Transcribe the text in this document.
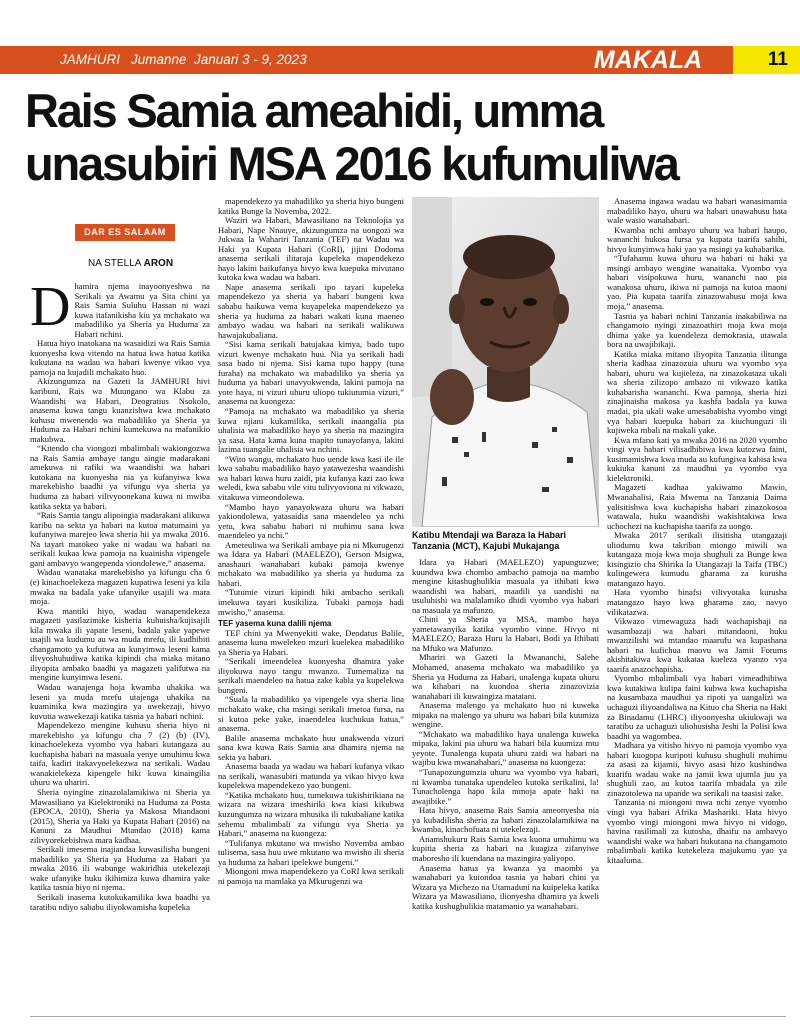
JAMHURI Jumanne Januari 3 - 9, 2023	MAKALA	11
Rais Samia ameahidi, umma
unasubiri MSA 2016 kufumuliwa
DAR ES SALAAM
NA STELLA ARON
D hamira njema inayoonyeshwa na Serikali ya Awamu ya Sita chini ya Rais Samia Suluhu Hassan ni wazi kuwa itafanikisha kiu ya mchakato wa mabadiliko ya Sheria ya Huduma za Habari nchini.

Hatua hiyo inatokana na wasaidizi wa Rais Samia kuonyesha kwa vitendo na hatua kwa hatua katika kukutana na wadau wa habari kwenye vikao vya pamoja na kujadili mchakato huo.

Akizungumza na Gazeti la JAMHURI hivi karibuni, Rais wa Muungano wa Klabu za Waandishi wa Habari, Deogratius Nsokolo, anasema kuwa tangu kuanzishwa kwa mchakato kuhusu mwenendo wa mabadiliko ya Sheria ya Huduma za Habari nchini kumekuwa na mafanikio makubwa.

“Kitendo cha viongozi mbalimbali wakiongozwa na Rais Samia ambaye tangu aingie madarakani amekuwa ni rafiki wa waandishi wa habari kutokana na kuonyesha nia ya kufanyiwa kwa marekebisho baadhi ya vifungu vya sheria ya huduma za habari vilivyoonekana kuwa ni mwiba katika sekta ya habari.

“Rais Samia tangu alipoingia madarakani alikuwa karibu na sekta ya habari na kutoa matumaini ya kufanyiwa marejeo kwa sheria hii ya mwaka 2016. Na tayari matokeo yake ni wadau wa habari na serikali kukaa kwa pamoja na kuainisha vipengele gani ambavyo wangependa viondolewe,” anasema.

Wadau wanataka marekebisho ya kifungu cha 6 (e) kinachoelekeza magazeti kupatiwa leseni ya kila mwaka na badala yake ufanyike usajili wa mara moja.

Kwa mantiki hiyo, wadau wanapendekeza magazeti yasilazimike kisheria kuhuisha/kujisajili kila mwaka ili yapate leseni, badala yake yapewe usajili wa kudumu au wa muda mrefu, ili kudhibiti changamoto ya kufutwa au kunyimwa leseni kama ilivyoshuhudiwa katika kipindi cha miaka mitano iliyopita ambako baadhi ya magazeti yalifutwa na mengine kunyimwa leseni.

Wadau wanajenga hoja kwamba uhakika wa leseni ya muda mrefu utajenga uhakika na kuaminika kwa mazingira ya uwekezaji, hivyo kuvutia wawekezaji katika tasnia ya habari nchini.

Mapendekezo mengine kuhusu sheria hiyo ni marekebisho ya kifungu cha 7 (2) (b) (IV), kinachoelekeza vyombo vya habari kutangaza au kuchapisha habari na masuala yenye umuhimu kwa taifa, kadiri itakavyoelekezwa na serikali. Wadau wanakielekeza kipengele hiki kuwa kinaingilia uhuru wa uhariri.

Sheria nyingine zinazolalamikiwa ni Sheria ya Mawasiliano ya Kielektroniki na Huduma za Posta (EPOCA, 2010), Sheria ya Makosa Mtandaoni (2015), Sheria ya Haki ya Kupata Habari (2016) na Kanuni za Maudhui Mtandao (2018) kama zilivyorekebishwa mara kadhaa.

Serikali imesema inajiandaa kuwasilisha bungeni mabadiliko ya Sheria ya Huduma za Habari ya mwaka 2016 ili wabunge wakiridhia utekelezaji wake ufanyike huku ikihimiza kuwa dhamira yake katika tasnia hiyo ni njema.

Serikali inasema kutokukamilika kwa baadhi ya taratibu ndiyo sababu iliyokwamisha kupeleka

mapendekezo ya mabadiliko ya sheria hiyo bungeni katika Bunge la Novemba, 2022.

Waziri wa Habari, Mawasiliano na Teknolojia ya Habari, Nape Nnauye, akizungumza na uongozi wa Jukwaa la Wahariri Tanzania (TEF) na Wadau wa Haki ya Kupata Habari (CoRI), jijini Dodoma anasema serikali ilitaraja kupeleka mapendekezo hayo lakini haikufanya hivyo kwa kuepuka mivutano kutoka kwa wadau wa habari.

Nape anasema serikali ipo tayari kupeleka mapendekezo ya sheria ya habari bungeni kwa sababu haikuwa vema kuyapeleka mapendekezo ya sheria ya huduma za habari wakati kuna maeneo ambayo wadau wa habari na serikali walikuwa hawajakubaliana.

“Sisi kama serikali hatujakaa kimya, bado tupo vizuri kwenye mchakato huu. Nia ya serikali hadi sasa bado ni njema. Sisi kama tupo happy (tuna furaha) na mchakato wa mabadiliko ya sheria ya huduma ya habari unavyokwenda, lakini pamoja na yote haya, ni vizuri uhuru uliopo tukiutumia vizuri,” anasema na kuongeza:

“Pamoja na mchakato wa mabadiliko ya sheria kuwa njiani kukamilika, serikali inaangalia pia uhalisia wa mabadiliko hayo ya sheria na mazingira ya sasa. Hata kama kuna mapito tunayofanya, lakini lazima tuangalie uhalisia wa nchini.

“Wito wangu, mchakato huo uende kwa kasi ile ile kwa sababu mabadiliko hayo yatawezesha waandishi wa habari kuwa huru zaidi, pia kufanya kazi zao kwa weledi, kwa sababu vile vitu tulivyoviona ni vikwazo, vitakuwa vimeondolewa.

“Mambo hayo yanayokwaza uhuru wa habari yakiondolewa, yatasaidia sana maendeleo ya nchi yetu, kwa sababu habari ni muhimu sana kwa maendeleo ya nchi.”

Ameteuliwa wa Serikali ambaye pia ni Mkurugenzi wa Idara ya Habari (MAELEZO), Gerson Msigwa, anashauri wanahabari kubaki pamoja kwenye mchakato wa mabadiliko ya sheria ya huduma za habari.

“Tutumie vizuri kipindi hiki ambacho serikali imekuwa tayari kusikiliza. Tubaki pamoja hadi mwisho,” anasema.

TEF yasema kuna dalili njema

TEF chini ya Mwenyekiti wake, Deodatus Balile, anasema kuna mwelekeo mzuri kuelekea mabadiliko ya Sheria ya Habari.

“Serikali imeendelea kuonyesha dhamira yake iliyokuwa nayo tangu mwanzo. Tumemaliza na serikali maendeleo na hatua zake kabla ya kupelekwa bungeni.

“Suala la mabadiliko ya vipengele vya sheria lina mchakato wake, cha msingi serikali imetoa fursa, na si kutoa peke yake, inaendelea kuchukua hatua,” anasema.

Balile anasema mchakato huu unakwenda vizuri sana kwa kuwa Rais Samia ana dhamira njema na sekta ya habari.

Anasema baada ya wadau wa habari kufanya vikao na serikali, wanasubiri matunda ya vikao hivyo kwa kupelekwa mapendekezo yao bungeni.

“Katika mchakato huu, tumekuwa tukishirikiana na wizara na wizara imeshiriki kwa kiasi kikubwa kuzungumza na wizara mhusika ili tukubaliane katika sehemu mbalimbali za vifungu vya Sheria ya Habari,” anasema na kuongeza:

“Tulifanya mkutano wa mwisho Novemba ambao tulisema, sasa huu uwe mkutano wa mwisho ili sheria ya huduma za habari ipelekwe bungeni.”

Miongoni mwa mapendekezo ya CoRI kwa serikali ni pamoja na mamlaka ya Mkurugenzi wa

Katibu Mtendaji wa Baraza la Habari Tanzania (MCT), Kajubi Mukajanga

Idara ya Habari (MAELEZO) yapunguzwe; kuundwa kwa chombo ambacho pamoja na mambo mengine kitashughulikia masuala ya ithibati kwa waandishi wa habari, maadili ya uandishi na usuluhishi wa malalamiko dhidi vyombo vya habari na masuala ya mafunzo.

Chini ya Sheria ya MSA, mambo haya yametawanyika katika vyombo vinne. Hivyo ni MAELEZO, Baraza Huru la Habari, Bodi ya Ithibati na Mfuko wa Mafunzo.

Mhariri wa Gazeti la Mwananchi, Salehe Mohamed, anasema mchakato wa mabadiliko ya Sheria ya Huduma za Habari, unalenga kupata uhuru wa kihabari na kuondoa sheria zinazovizia wanahabari ili kuwaingiza matatani.

Anasema malengo ya mchakato huo ni kuweka mipaka na malengo ya uhuru wa habari bila kuumiza wengine.

“Mchakato wa mabadiliko haya unalenga kuweka mipaka, lakini pia uhuru wa habari bila kuumiza mtu yeyote. Tunalenga kupata uhuru zaidi wa habari na wajibu kwa mwanahabari,” anasema na kuongeza:

“Tunapozungumzia uhuru wa vyombo vya habari, ni kwamba tunataka upendeleo kutoka serikalini, la! Tunacholenga hapo kila mmoja apate haki na awajibike.”

Hata hivyo, anasema Rais Samia ameonyesha nia ya kubadilisha sheria za habari zinazolalamikiwa na kwamba, kinachofuata ni utekelezaji.

Anamshukuru Rais Samia kwa kuona umuhimu wa kupitia sheria za habari na kuagiza zifanyiwe maboresho ili kuendana na mazingira yaliyopo.

Anasema hatua ya kwanza ya maombi ya wanahabari ya kuiondoa tasnia ya habari chini ya Wizara ya Michezo na Utamaduni na kuipeleka katika Wizara ya Mawasiliano, ilionyesha dhamira ya kweli katika kushughulikia matamanio ya wanahabari.

Anasema ingawa wadau wa habari wanasimamia mabadiliko hayo, uhuru wa habari unawahusu hata wale wasio wanahabari.

Kwamba nchi ambayo uhuru wa habari haupo, wananchi hukosa fursa ya kupata taarifa sahihi, hivyo kunyimwa haki yao ya msingi ya kuhabarika.

“Tufahamu kuwa uhuru wa habari ni haki ya msingi ambayo wengine wanaitaka. Vyombo vya habari visipokuwa huru, wananchi nao pia wanakosa uhuru, ikiwa ni pamoja na kutoa maoni yao. Pia kupata taarifa zinazowahusu moja kwa moja,” anasema.

Tasnia ya habari nchini Tanzania inakabiliwa na changamoto nyingi zinazoathiri moja kwa moja dhima yake ya kuendeleza demokrasia, utawala bora na uwajibikaji.

Katika miaka mitano iliyopita Tanzania ilitunga sheria kadhaa zinazozuia uhuru wa vyombo vya habari, uhuru wa kujieleza, na zinazokataza ukali wa sheria zilizopo ambazo ni vikwazo katika kuhabarisha wananchi. Kwa pamoja, sheria hizi zinajinaisha makosa ya kashfa badala ya kuwa madai, pia ukali wake umesababisha vyombo vingi vya habari kuepuka habari za kiuchunguzi ili kujiweka mbali na makali yake.

Kwa mfano kati ya mwaka 2016 na 2020 vyombo vingi vya habari vilisadhibiwa kwa kutozwa faini, kusimamishwa kwa muda au kufungiwa kabisa kwa kukiuka kanuni za maudhui ya vyombo vya kielektroniki.

Magazeti kadhaa yakiwamo Mawio, Mwanahalisi, Raia Mwema na Tanzania Daima yalisitishwa kwa kuchapisha habari zinazokosoa watawala, huku waandishi wakishtakiwa kwa uchochezi na kuchapisha taarifa za uongo.

Mwaka 2017 serikali ilisitisha utangazaji uliodumu kwa takriban miongo miwili wa kutangaza moja kwa moja shughuli za Bunge kwa kisingizio cha Shirika la Utangazaji la Taifa (TBC) kulingewera kumudu gharama za kurusha matangazo hayo.

Hata vyombo binafsi vilivyotaka kurusha matangazo hayo kwa gharama zao, navyo vilikatazwa.

Vikwazo vimewaguza hadi wachapishaji na wasambazaji wa habari mitandaoni, huku mwanzilishi wa mtandao maarufu wa kupashana habari na kufichua maovu wa Jamii Forums akishitakiwa kwa kukataa kueleza vyanzo vya taarifa anazochapisha.

Vyombo mbalimbali vya habari vimeadhibiwa kwa kutakiwa kulipa faini kubwa kwa kuchapisha na kusambaza maudhui ya ripoti ya uangalizi wa uchaguzi iliyoandaliwa na Kituo cha Sheria na Haki za Binadamu (LHRC) iliyoonyesha ukiukwaji wa taratibu za uchaguzi uliohusisha Jeshi la Polisi kwa baadhi ya wagombea.

Madhara ya vitisho hivyo ni pamoja vyombo vya habari kuogopa kuripoti kuhusu shughuli muhimu za asasi za kijamii, hivyo asasi hizo kushindwa kuarifu wadau wake na jamii kwa ujumla juu ya shughuli zao, au kutoa taarifa mbadala ya zile zinazotolewa na upande wa serikali na taasisi zake.

Tanzania ni miongoni mwa nchi zenye vyombo vingi vya habari Afrika Mashariki. Hata hivyo vyombo vingi miongoni mwa hivyo ni vidogo, havina rasilimali za kutosha, dhaifu na ambavyo waandishi wake wa habari hukutana na changamoto mbalimbali katika kutekeleza majukumu yao ya kitaaluma.
